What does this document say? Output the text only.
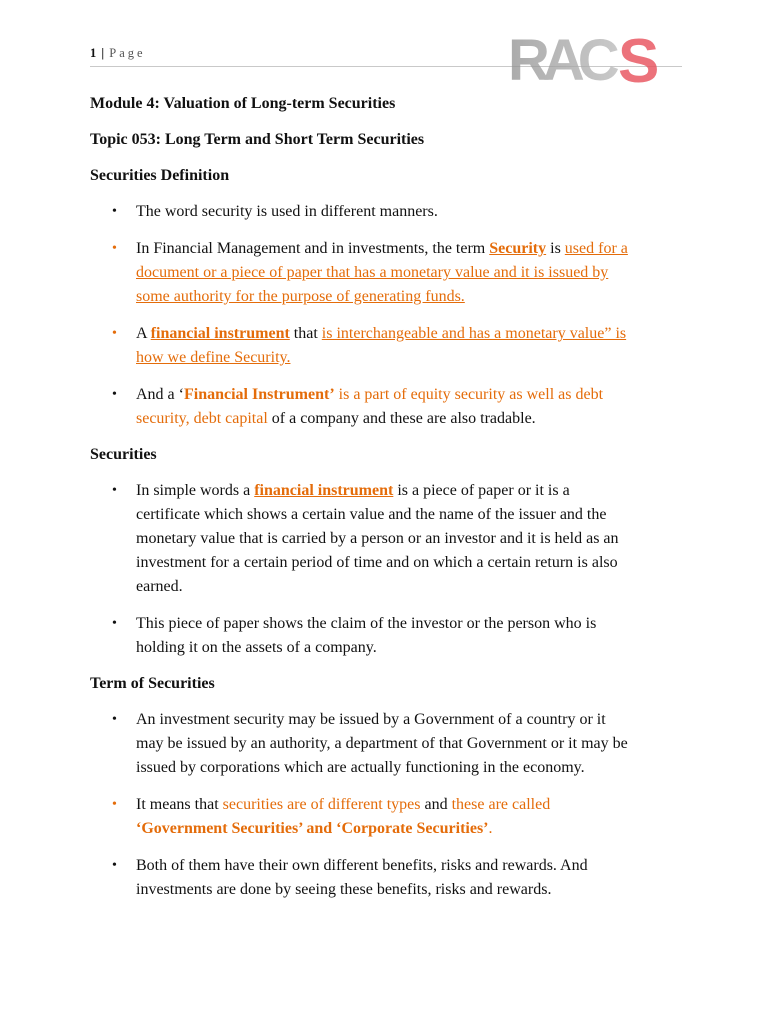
1 | Page	RAC S
Module 4: Valuation of Long-term Securities
Topic 053: Long Term and Short Term Securities
Securities Definition
• The word security is used in different manners.
• In Financial Management and in investments, the term Security is used for a
document or a piece of paper that has a monetary value and it is issued by
some authority for the purpose of generating funds.
• A financial instrument that is interchangeable and has a monetary value” is
how we define Security.
• And a ‘Financial Instrument’ is a part of equity security as well as debt
security, debt capital of a company and these are also tradable.
Securities
• In simple words a financial instrument is a piece of paper or it is a
certificate which shows a certain value and the name of the issuer and the
monetary value that is carried by a person or an investor and it is held as an
investment for a certain period of time and on which a certain return is also
earned.
• This piece of paper shows the claim of the investor or the person who is
holding it on the assets of a company.
Term of Securities
• An investment security may be issued by a Government of a country or it
may be issued by an authority, a department of that Government or it may be
issued by corporations which are actually functioning in the economy.
• It means that securities are of different types and these are called
‘Government Securities’ and ‘Corporate Securities’.
• Both of them have their own different benefits, risks and rewards. And
investments are done by seeing these benefits, risks and rewards.
